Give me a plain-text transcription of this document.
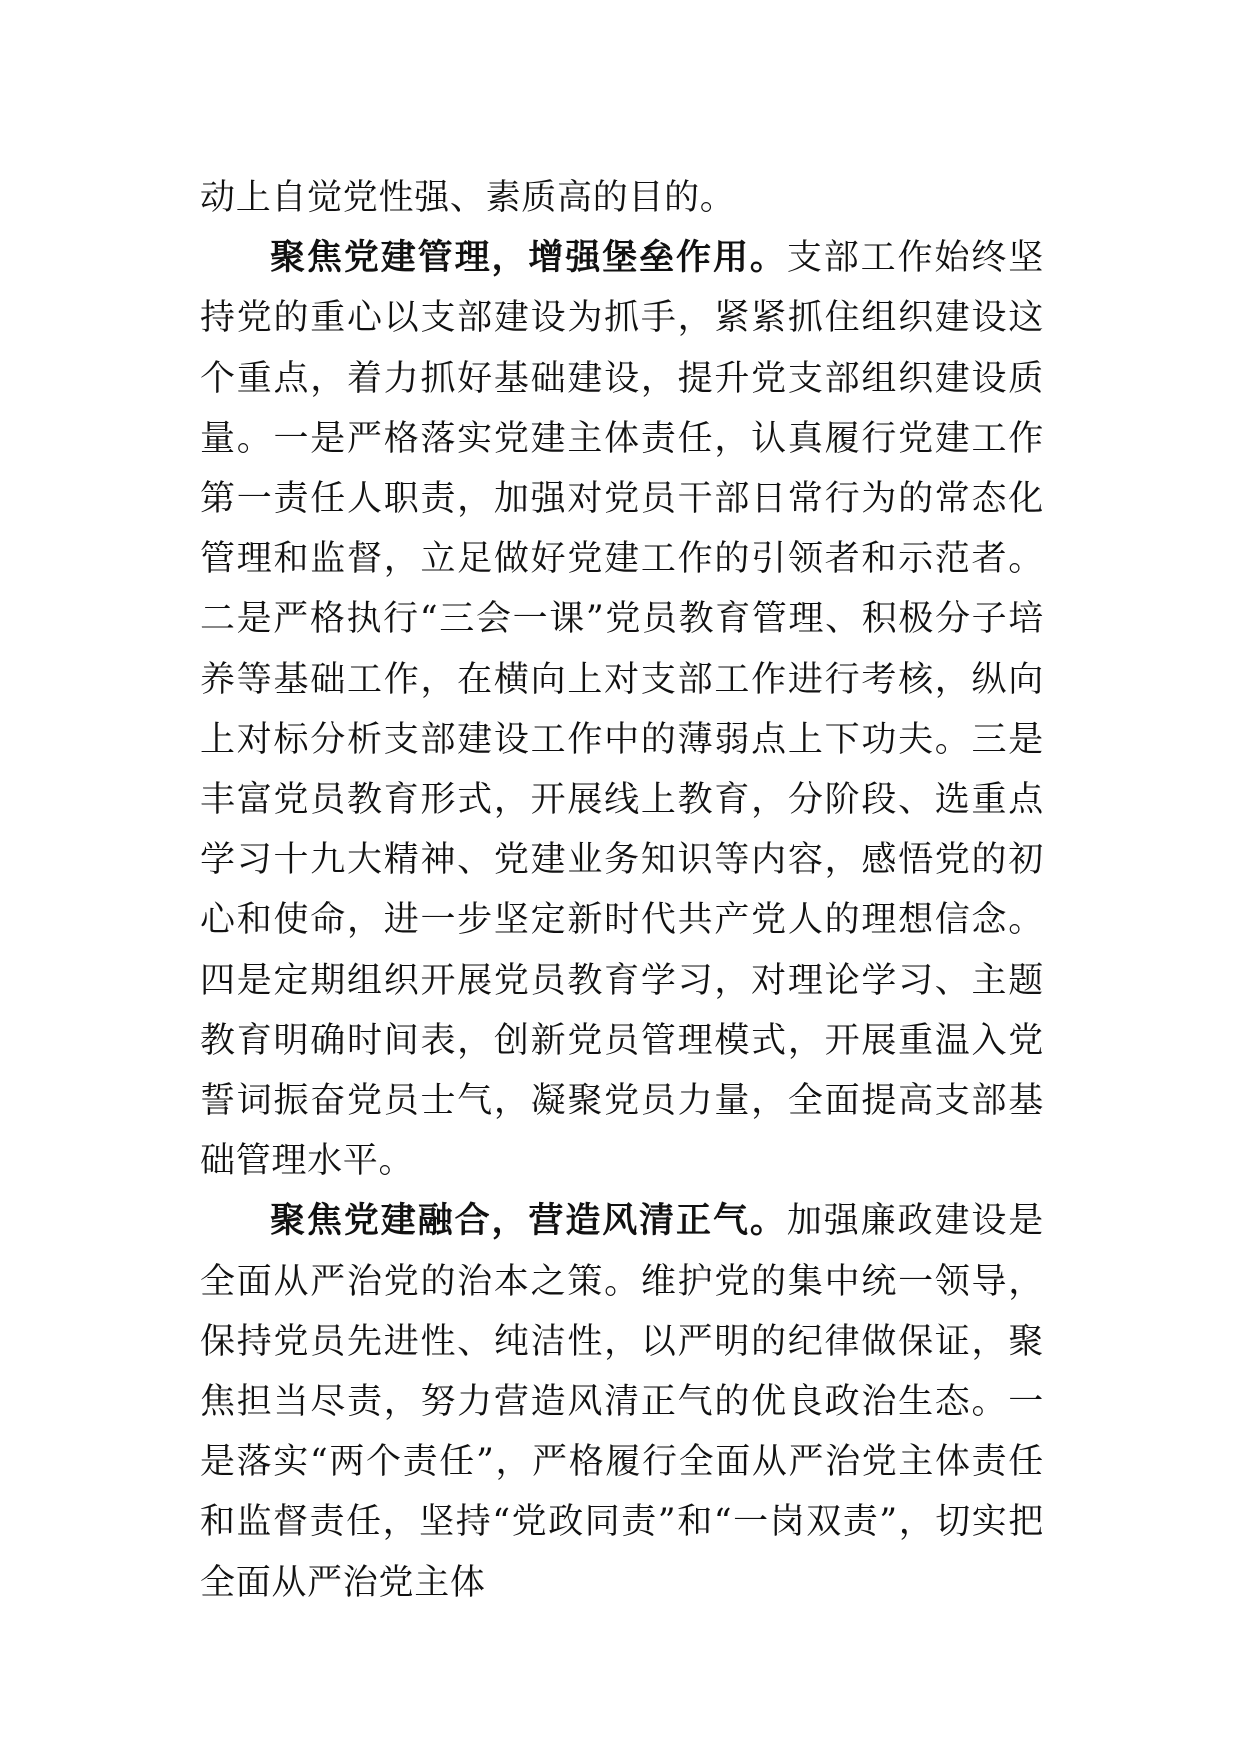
动上自觉党性强、素质高的目的。

聚焦党建管理，增强堡垒作用。支部工作始终坚持党的重心以支部建设为抓手，紧紧抓住组织建设这个重点，着力抓好基础建设，提升党支部组织建设质量。一是严格落实党建主体责任，认真履行党建工作第一责任人职责，加强对党员干部日常行为的常态化管理和监督，立足做好党建工作的引领者和示范者。二是严格执行“三会一课”党员教育管理、积极分子培养等基础工作，在横向上对支部工作进行考核，纵向上对标分析支部建设工作中的薄弱点上下功夫。三是丰富党员教育形式，开展线上教育，分阶段、选重点学习十九大精神、党建业务知识等内容，感悟党的初心和使命，进一步坚定新时代共产党人的理想信念。四是定期组织开展党员教育学习，对理论学习、主题教育明确时间表，创新党员管理模式，开展重温入党誓词振奋党员士气，凝聚党员力量，全面提高支部基础管理水平。

聚焦党建融合，营造风清正气。加强廉政建设是全面从严治党的治本之策。维护党的集中统一领导，保持党员先进性、纯洁性，以严明的纪律做保证，聚焦担当尽责，努力营造风清正气的优良政治生态。一是落实“两个责任”，严格履行全面从严治党主体责任和监督责任，坚持“党政同责”和“一岗双责”，切实把全面从严治党主体
